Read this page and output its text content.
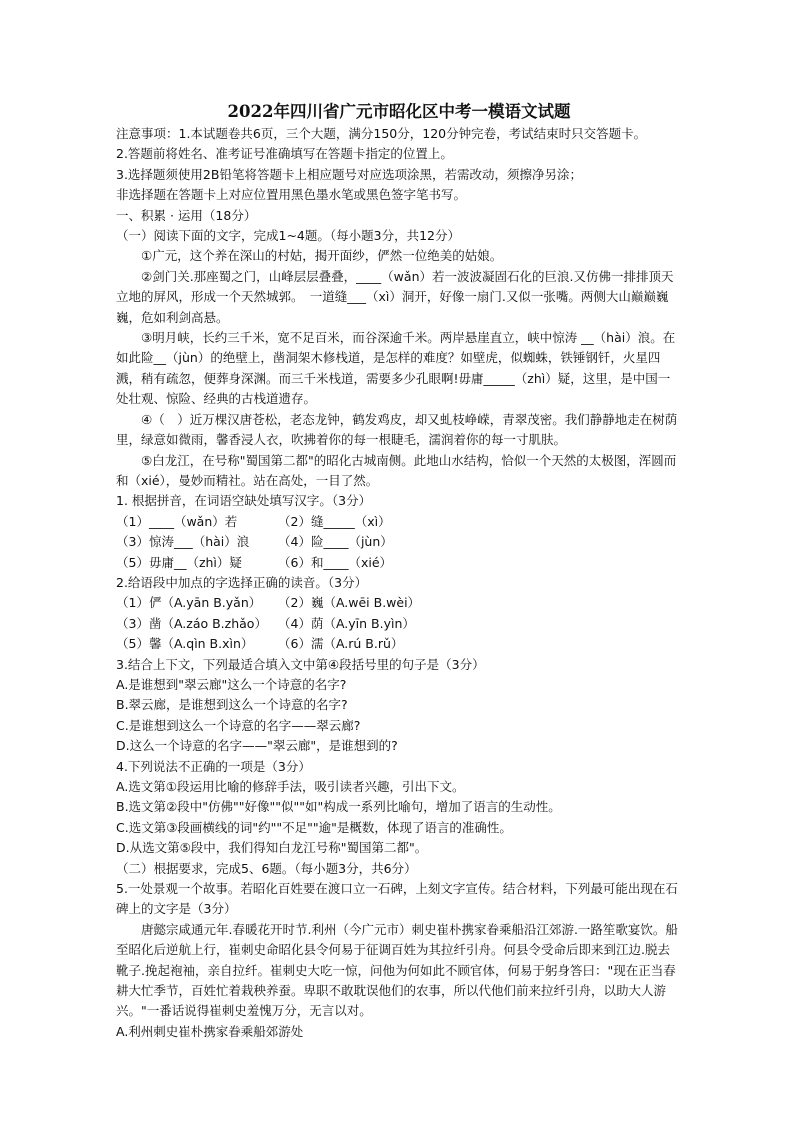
2022年四川省广元市昭化区中考一模语文试题

注意事项：1.本试题卷共6页，三个大题，满分150分，120分钟完卷，考试结束时只交答题卡。

2.答题前将姓名、准考证号准确填写在答题卡指定的位置上。

3.选择题须使用2B铅笔将答题卡上相应题号对应选项涂黑，若需改动，须擦净另涂；

非选择题在答题卡上对应位置用黑色墨水笔或黑色签字笔书写。

一、积累 · 运用（18分）

（一）阅读下面的文字，完成1~4题。（每小题3分，共12分）

①广元，这个养在深山的村姑，揭开面纱，俨然一位绝美的姑娘。

②剑门关.那座蜀之门，山峰层层叠叠，____（wǎn）若一波波凝固石化的巨浪.又仿佛一排排顶天立地的屏风，形成一个天然城郭。　一道缝___（xì）洞开，好像一扇门.又似一张嘴。两侧大山巅巅巍巍，危如利剑高悬。

③明月峡，长约三千米，宽不足百米，而谷深逾千米。两岸悬崖直立，峡中惊涛 __（hài）浪。在如此险__（jùn）的绝壁上，凿洞架木修栈道，是怎样的难度？如壁虎，似蜘蛛，铁锤钢钎，火星四溅，稍有疏忽，便葬身深渊。而三千米栈道，需要多少孔眼啊!毋庸_____（zhì）疑，这里，是中国一处壮观、惊险、经典的古栈道遗存。

④（　）近万棵汉唐苍松，老态龙钟，鹤发鸡皮，却又虬枝峥嵘，青翠茂密。我们静静地走在树荫里，绿意如微雨，馨香浸人衣，吹拂着你的每一根睫毛，濡润着你的每一寸肌肤。

⑤白龙江，在号称"蜀国第二都"的昭化古城南侧。此地山水结构，恰似一个天然的太极图，浑圆而和（xié），曼妙而精社。站在高处，一目了然。

1. 根据拼音，在词语空缺处填写汉字。（3分）

（1）____（wǎn）若	（2）缝_____（xì）
（3）惊涛___（hài）浪	（4）险____（jùn）
（5）毋庸__（zhì）疑	（6）和____（xié）

2.给语段中加点的字选择正确的读音。（3分）

（1）俨（A.yān B.yǎn）	（2）巍（A.wēi B.wèi）
（3）凿（A.záo B.zhǎo） （4）荫（A.yīn B.yìn）
（5）馨（A.qìn B.xìn）	（6）濡（A.rú B.rǔ）

3.结合上下文，下列最适合填入文中第④段括号里的句子是（3分）

A.是谁想到"翠云廊"这么一个诗意的名字?

B.翠云廊，是谁想到这么一个诗意的名字?

C.是谁想到这么一个诗意的名字——翠云廊?

D.这么一个诗意的名字——"翠云廊"，是谁想到的?

4.下列说法不正确的一项是（3分）

A.选文第①段运用比喻的修辞手法，吸引读者兴趣，引出下文。

B.选文第②段中"仿佛""好像""似""如"构成一系列比喻句，增加了语言的生动性。

C.选文第③段画横线的词"约""不足""逾"是概数，体现了语言的准确性。

D.从选文第⑤段中，我们得知白龙江号称"蜀国第二都"。

（二）根据要求，完成5、6题。（每小题3分，共6分）

5.一处景观一个故事。若昭化百姓要在渡口立一石碑，上刻文字宣传。结合材料，下列最可能出现在石碑上的文字是（3分）

唐懿宗咸通元年.春暖花开时节.利州（今广元市）刺史崔朴携家眷乘船沿江郊游.一路笙歌宴饮。船至昭化后逆航上行，崔刺史命昭化县令何易于征调百姓为其拉纤引舟。何县令受命后即来到江边.脱去靴子.挽起袍袖，亲自拉纤。崔刺史大吃一惊，问他为何如此不顾官体，何易于躬身答曰："现在正当春耕大忙季节，百姓忙着栽秧养蚕。卑职不敢耽误他们的农事，所以代他们前来拉纤引舟，以助大人游兴。"一番话说得崔刺史羞愧万分，无言以对。

A.利州刺史崔朴携家眷乘船郊游处
